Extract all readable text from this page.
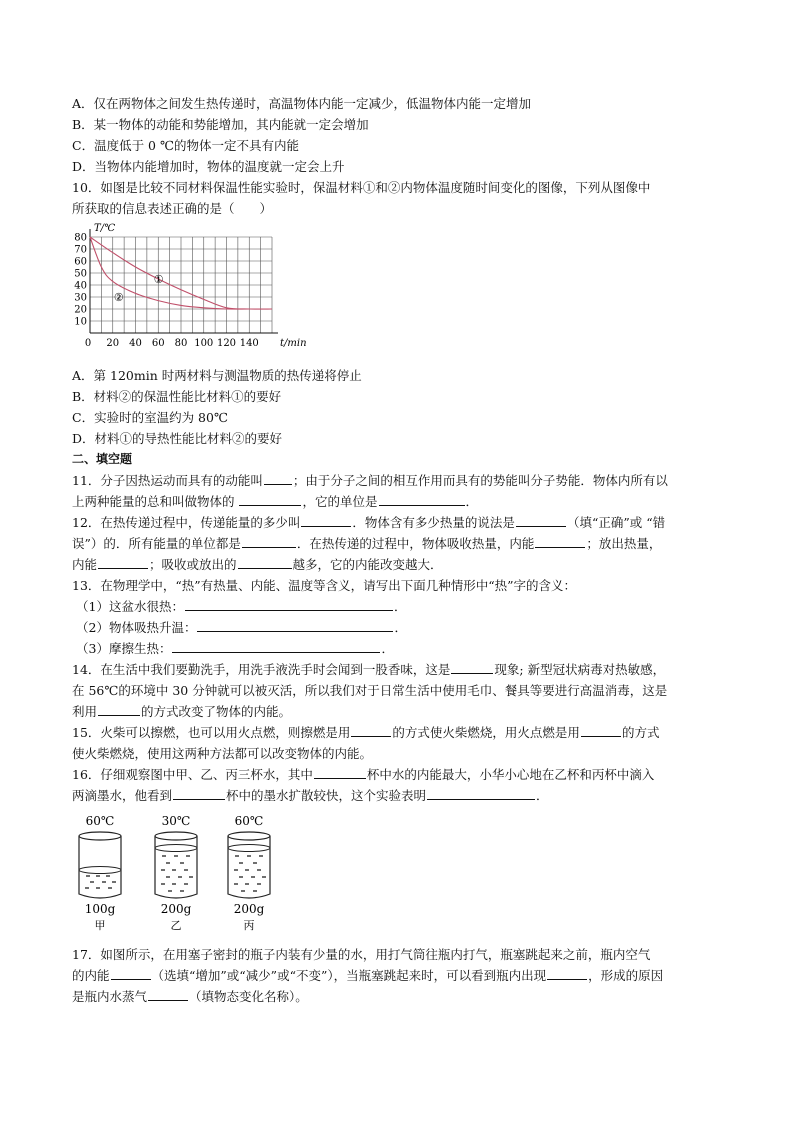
A．仅在两物体之间发生热传递时，高温物体内能一定减少，低温物体内能一定增加
B．某一物体的动能和势能增加，其内能就一定会增加
C．温度低于 0 ℃的物体一定不具有内能
D．当物体内能增加时，物体的温度就一定会上升
10．如图是比较不同材料保温性能实验时，保温材料①和②内物体温度随时间变化的图像，下列从图像中
所获取的信息表述正确的是（　　）
10
20
30
40
50
60
70
80
0 20 40 60 80 100 120 140
T/℃
t/min
①
②
A．第 120min 时两材料与测温物质的热传递将停止
B．材料②的保温性能比材料①的要好
C．实验时的室温约为 80℃
D．材料①的导热性能比材料②的要好
二、填空题
11．分子因热运动而具有的动能叫 ；由于分子之间的相互作用而具有的势能叫分子势能．物体内所有以
上两种能量的总和叫做物体的	，它的单位是	．
12．在热传递过程中，传递能量的多少叫	．物体含有多少热量的说法是	（填“正确”或 “错
误”）的．所有能量的单位都是	．在热传递的过程中，物体吸收热量，内能	；放出热量，
内能	；吸收或放出的	越多，它的内能改变越大．
13．在物理学中，“热”有热量、内能、温度等含义，请写出下面几种情形中“热”字的含义：
（1）这盆水很热：	．
（2）物体吸热升温：	．
（3）摩擦生热：	．
14．在生活中我们要勤洗手，用洗手液洗手时会闻到一股香味，这是	现象; 新型冠状病毒对热敏感，
在 56℃的环境中 30 分钟就可以被灭活，所以我们对于日常生活中使用毛巾、餐具等要进行高温消毒，这是
利用	的方式改变了物体的内能。
15．火柴可以擦燃，也可以用火点燃，则擦燃是用	的方式使火柴燃烧，用火点燃是用	的方式
使火柴燃烧，使用这两种方法都可以改变物体的内能。
16．仔细观察图中甲、乙、丙三杯水，其中	杯中水的内能最大，小华小心地在乙杯和丙杯中滴入
两滴墨水，他看到	杯中的墨水扩散较快，这个实验表明	．
60℃
100g
甲
30℃
200g
乙
60℃
200g
丙
17．如图所示，在用塞子密封的瓶子内装有少量的水，用打气筒往瓶内打气，瓶塞跳起来之前，瓶内空气
的内能	（选填“增加”或“减少”或“不变”），当瓶塞跳起来时，可以看到瓶内出现	，形成的原因
是瓶内水蒸气	（填物态变化名称）。
